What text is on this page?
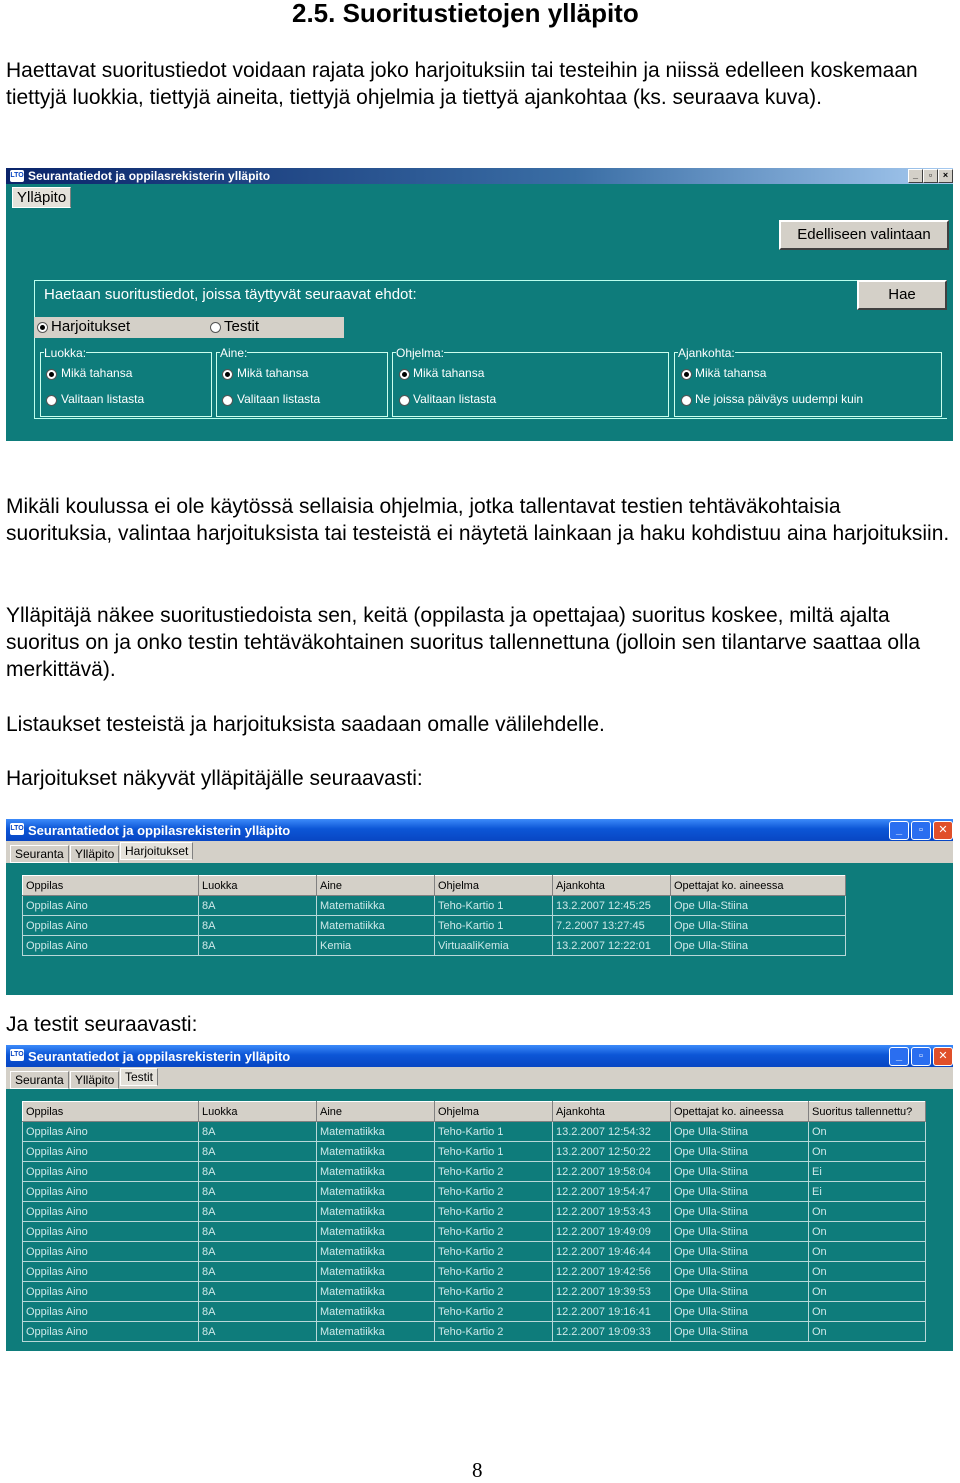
2.5. Suoritustietojen ylläpito
Haettavat suoritustiedot voidaan rajata joko harjoituksiin tai testeihin ja niissä edelleen koskemaan tiettyjä luokkia, tiettyjä aineita, tiettyjä ohjelmia ja tiettyä ajankohtaa (ks. seuraava kuva).
LTO Seurantatiedot ja oppilasrekisterin ylläpito	_	▫	×
Ylläpito
Edelliseen valintaan
Haetaan suoritustiedot, joissa täyttyvät seuraavat ehdot:	Hae
Harjoitukset	Testit
Luokka:
Mikä tahansa
Valitaan listasta
Aine:
Mikä tahansa
Valitaan listasta
Ohjelma:
Mikä tahansa
Valitaan listasta
Ajankohta:
Mikä tahansa
Ne joissa päiväys uudempi kuin
Mikäli koulussa ei ole käytössä sellaisia ohjelmia, jotka tallentavat testien tehtäväkohtaisia suorituksia, valintaa harjoituksista tai testeistä ei näytetä lainkaan ja haku kohdistuu aina harjoituksiin.
Ylläpitäjä näkee suoritustiedoista sen, keitä (oppilasta ja opettajaa) suoritus koskee, miltä ajalta suoritus on ja onko testin tehtäväkohtainen suoritus tallennettuna (jolloin sen tilantarve saattaa olla merkittävä).
Listaukset testeistä ja harjoituksista saadaan omalle välilehdelle.
Harjoitukset näkyvät ylläpitäjälle seuraavasti:
LTO Seurantatiedot ja oppilasrekisterin ylläpito	_	▫	✕
Seuranta Ylläpito Harjoitukset
Oppilas	Luokka	Aine	Ohjelma	Ajankohta	Opettajat ko. aineessa
Oppilas Aino	8A	Matematiikka	Teho-Kartio 1	13.2.2007 12:45:25	Ope Ulla-Stiina
Oppilas Aino	8A	Matematiikka	Teho-Kartio 1	7.2.2007 13:27:45	Ope Ulla-Stiina
Oppilas Aino	8A	Kemia	VirtuaaliKemia	13.2.2007 12:22:01	Ope Ulla-Stiina
Ja testit seuraavasti:
LTO Seurantatiedot ja oppilasrekisterin ylläpito	_	▫	✕
Seuranta Ylläpito Testit
Oppilas	Luokka	Aine	Ohjelma	Ajankohta	Opettajat ko. aineessa	Suoritus tallennettu?
Oppilas Aino	8A	Matematiikka	Teho-Kartio 1	13.2.2007 12:54:32	Ope Ulla-Stiina	On
Oppilas Aino	8A	Matematiikka	Teho-Kartio 1	13.2.2007 12:50:22	Ope Ulla-Stiina	On
Oppilas Aino	8A	Matematiikka	Teho-Kartio 2	12.2.2007 19:58:04	Ope Ulla-Stiina	Ei
Oppilas Aino	8A	Matematiikka	Teho-Kartio 2	12.2.2007 19:54:47	Ope Ulla-Stiina	Ei
Oppilas Aino	8A	Matematiikka	Teho-Kartio 2	12.2.2007 19:53:43	Ope Ulla-Stiina	On
Oppilas Aino	8A	Matematiikka	Teho-Kartio 2	12.2.2007 19:49:09	Ope Ulla-Stiina	On
Oppilas Aino	8A	Matematiikka	Teho-Kartio 2	12.2.2007 19:46:44	Ope Ulla-Stiina	On
Oppilas Aino	8A	Matematiikka	Teho-Kartio 2	12.2.2007 19:42:56	Ope Ulla-Stiina	On
Oppilas Aino	8A	Matematiikka	Teho-Kartio 2	12.2.2007 19:39:53	Ope Ulla-Stiina	On
Oppilas Aino	8A	Matematiikka	Teho-Kartio 2	12.2.2007 19:16:41	Ope Ulla-Stiina	On
Oppilas Aino	8A	Matematiikka	Teho-Kartio 2	12.2.2007 19:09:33	Ope Ulla-Stiina	On
8
